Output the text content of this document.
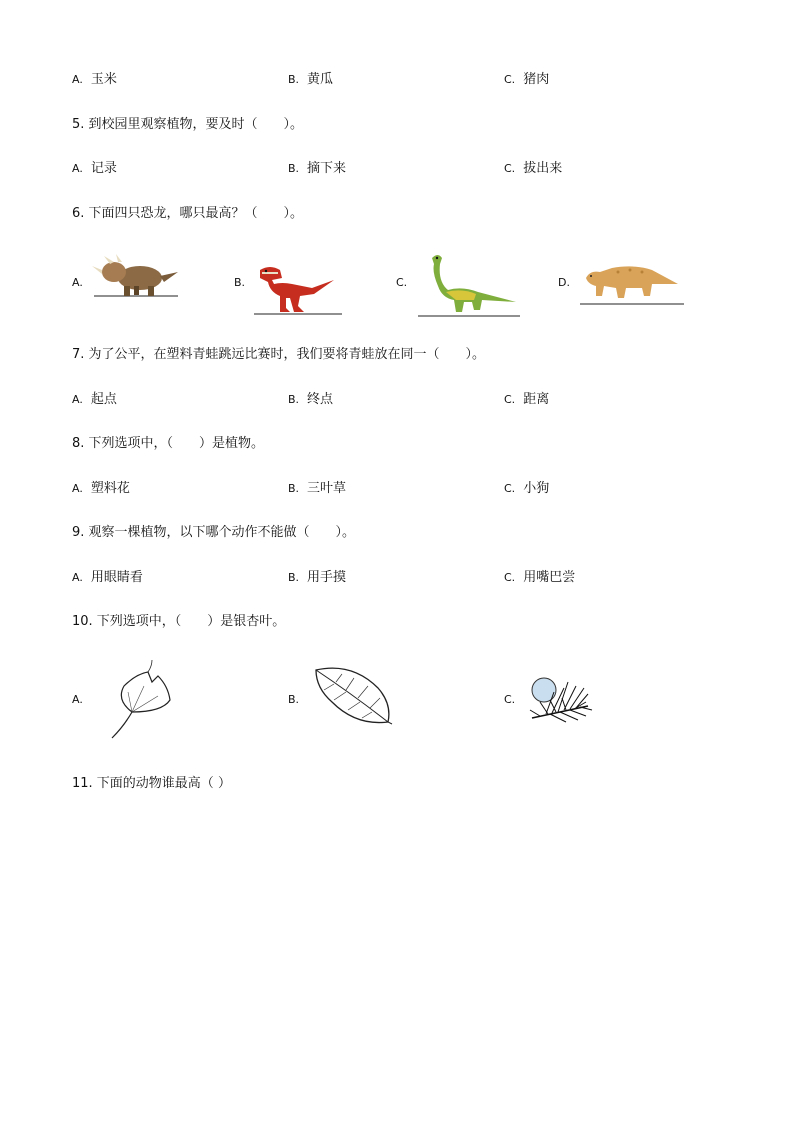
A. 玉米	B. 黄瓜	C. 猪肉
5. 到校园里观察植物，要及时（　　）。
A. 记录	B. 摘下来	C. 拔出来
6. 下面四只恐龙，哪只最高？（　　）。
A.	B.	C.	D.
7. 为了公平，在塑料青蛙跳远比赛时，我们要将青蛙放在同一（　　）。
A. 起点	B. 终点	C. 距离
8. 下列选项中，（　　）是植物。
A. 塑料花	B. 三叶草	C. 小狗
9. 观察一棵植物，以下哪个动作不能做（　　）。
A. 用眼睛看	B. 用手摸	C. 用嘴巴尝
10. 下列选项中，（　　）是银杏叶。
A.	B.	C.
11. 下面的动物谁最高（ ）
